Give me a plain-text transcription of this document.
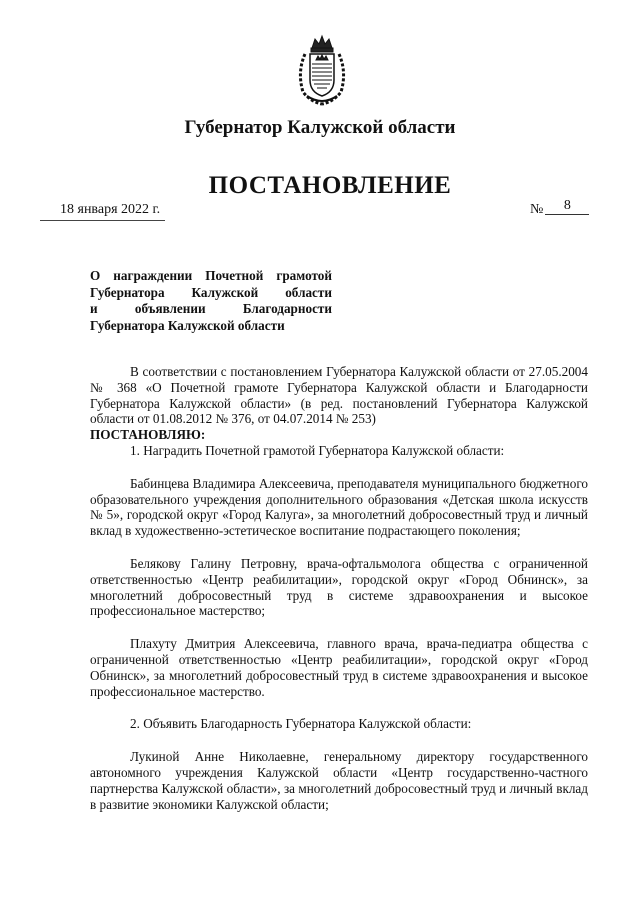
Губернатор Калужской области
ПОСТАНОВЛЕНИЕ
18 января 2022 г.	№ 8
О награждении Почетной грамотой
Губернатора Калужской области
и объявлении Благодарности
Губернатора Калужской области

В соответствии с постановлением Губернатора Калужской области от 27.05.2004 № 368 «О Почетной грамоте Губернатора Калужской области и Благодарности Губернатора Калужской области» (в ред. постановлений Губернатора Калужской области от 01.08.2012 № 376, от 04.07.2014 № 253)

ПОСТАНОВЛЯЮ:

1. Наградить Почетной грамотой Губернатора Калужской области:

Бабинцева Владимира Алексеевича, преподавателя муниципального бюджетного образовательного учреждения дополнительного образования «Детская школа искусств № 5», городской округ «Город Калуга», за многолетний добросовестный труд и личный вклад в художественно-эстетическое воспитание подрастающего поколения;

Белякову Галину Петровну, врача-офтальмолога общества с ограниченной ответственностью «Центр реабилитации», городской округ «Город Обнинск», за многолетний добросовестный труд в системе здравоохранения и высокое профессиональное мастерство;

Плахуту Дмитрия Алексеевича, главного врача, врача-педиатра общества с ограниченной ответственностью «Центр реабилитации», городской округ «Город Обнинск», за многолетний добросовестный труд в системе здравоохранения и высокое профессиональное мастерство.

2. Объявить Благодарность Губернатора Калужской области:

Лукиной Анне Николаевне, генеральному директору государственного автономного учреждения Калужской области «Центр государственно-частного партнерства Калужской области», за многолетний добросовестный труд и личный вклад в развитие экономики Калужской области;
